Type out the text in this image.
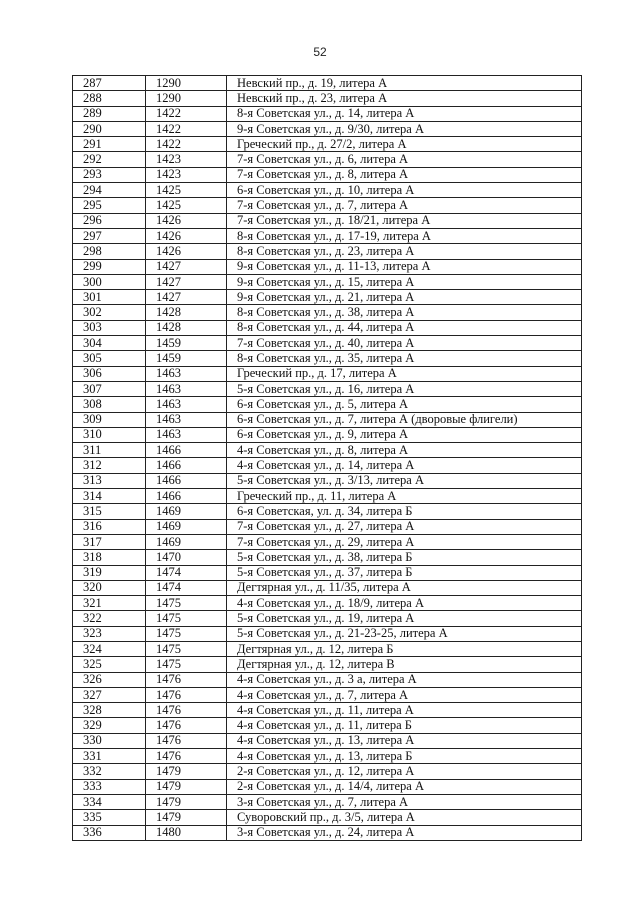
52
287	1290	Невский пр., д. 19, литера А
288	1290	Невский пр., д. 23, литера А
289	1422	8-я Советская ул., д. 14, литера А
290	1422	9-я Советская ул., д. 9/30, литера А
291	1422	Греческий пр., д. 27/2, литера А
292	1423	7-я Советская ул., д. 6, литера А
293	1423	7-я Советская ул., д. 8, литера А
294	1425	6-я Советская ул., д. 10, литера А
295	1425	7-я Советская ул., д. 7, литера А
296	1426	7-я Советская ул., д. 18/21, литера А
297	1426	8-я Советская ул., д. 17-19, литера А
298	1426	8-я Советская ул., д. 23, литера А
299	1427	9-я Советская ул., д. 11-13, литера А
300	1427	9-я Советская ул., д. 15, литера А
301	1427	9-я Советская ул., д. 21, литера А
302	1428	8-я Советская ул., д. 38, литера А
303	1428	8-я Советская ул., д. 44, литера А
304	1459	7-я Советская ул., д. 40, литера А
305	1459	8-я Советская ул., д. 35, литера А
306	1463	Греческий пр., д. 17, литера А
307	1463	5-я Советская ул., д. 16, литера А
308	1463	6-я Советская ул., д. 5, литера А
309	1463	6-я Советская ул., д. 7, литера А (дворовые флигели)
310	1463	6-я Советская ул., д. 9, литера А
311	1466	4-я Советская ул., д. 8, литера А
312	1466	4-я Советская ул., д. 14, литера А
313	1466	5-я Советская ул., д. 3/13, литера А
314	1466	Греческий пр., д. 11, литера А
315	1469	6-я Советская, ул. д. 34, литера Б
316	1469	7-я Советская ул., д. 27, литера А
317	1469	7-я Советская ул., д. 29, литера А
318	1470	5-я Советская ул., д. 38, литера Б
319	1474	5-я Советская ул., д. 37, литера Б
320	1474	Дегтярная ул., д. 11/35, литера А
321	1475	4-я Советская ул., д. 18/9, литера А
322	1475	5-я Советская ул., д. 19, литера А
323	1475	5-я Советская ул., д. 21-23-25, литера А
324	1475	Дегтярная ул., д. 12, литера Б
325	1475	Дегтярная ул., д. 12, литера В
326	1476	4-я Советская ул., д. 3 а, литера А
327	1476	4-я Советская ул., д. 7, литера А
328	1476	4-я Советская ул., д. 11, литера А
329	1476	4-я Советская ул., д. 11, литера Б
330	1476	4-я Советская ул., д. 13, литера А
331	1476	4-я Советская ул., д. 13, литера Б
332	1479	2-я Советская ул., д. 12, литера А
333	1479	2-я Советская ул., д. 14/4, литера А
334	1479	3-я Советская ул., д. 7, литера А
335	1479	Суворовский пр., д. 3/5, литера А
336	1480	3-я Советская ул., д. 24, литера А
